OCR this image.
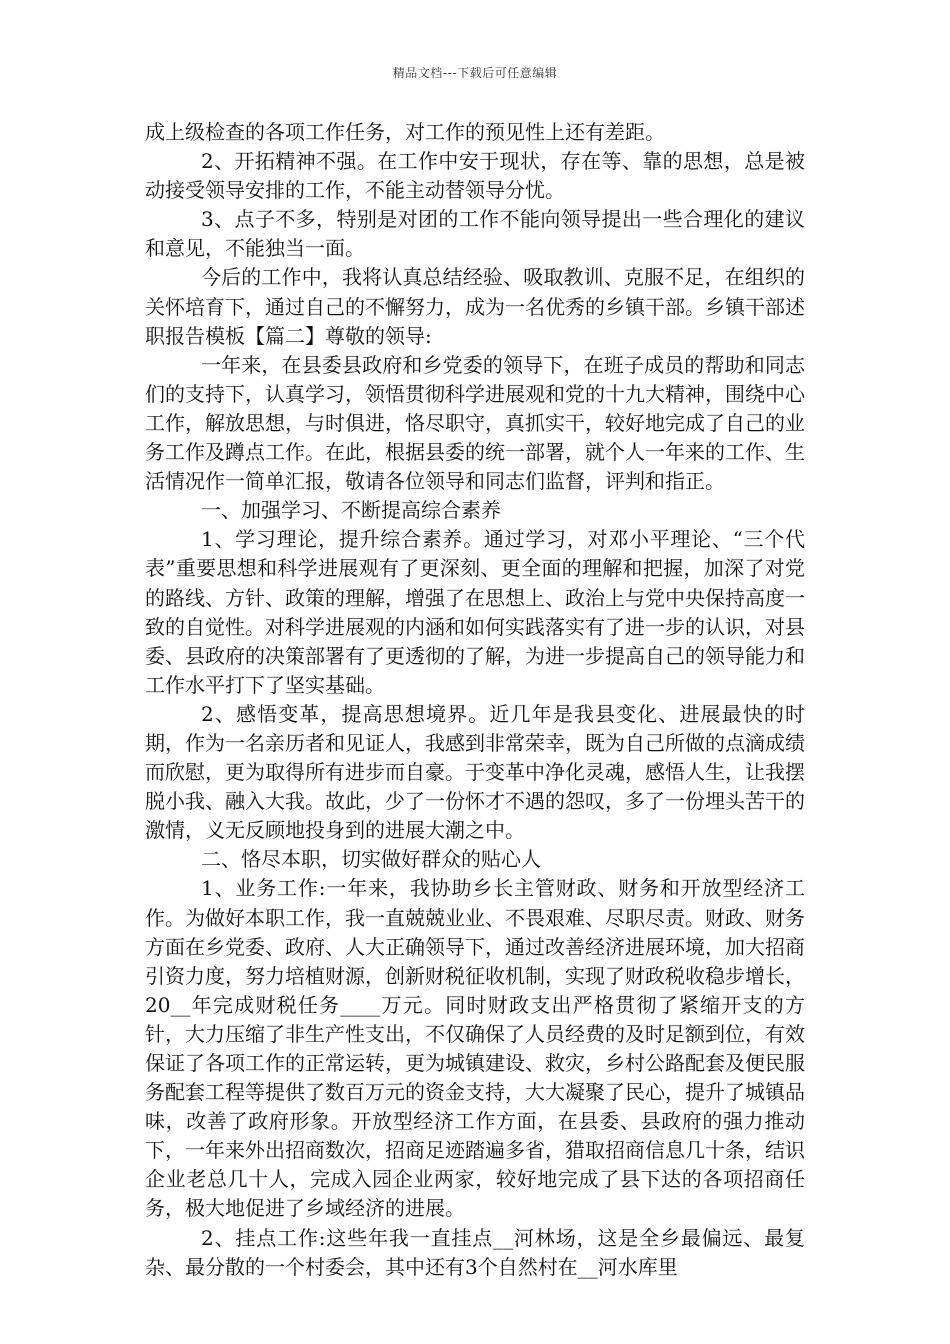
精品文档---下载后可任意编辑

成上级检查的各项工作任务，对工作的预见性上还有差距。

2、开拓精神不强。在工作中安于现状，存在等、靠的思想，总是被动接受领导安排的工作，不能主动替领导分忧。

3、点子不多，特别是对团的工作不能向领导提出一些合理化的建议和意见，不能独当一面。

今后的工作中，我将认真总结经验、吸取教训、克服不足，在组织的关怀培育下，通过自己的不懈努力，成为一名优秀的乡镇干部。乡镇干部述职报告模板【篇二】尊敬的领导:

一年来，在县委县政府和乡党委的领导下，在班子成员的帮助和同志们的支持下，认真学习，领悟贯彻科学进展观和党的十九大精神，围绕中心工作，解放思想，与时俱进，恪尽职守，真抓实干，较好地完成了自己的业务工作及蹲点工作。在此，根据县委的统一部署，就个人一年来的工作、生活情况作一简单汇报，敬请各位领导和同志们监督，评判和指正。

一、加强学习、不断提高综合素养

1、学习理论，提升综合素养。通过学习，对邓小平理论、“三个代表”重要思想和科学进展观有了更深刻、更全面的理解和把握，加深了对党的路线、方针、政策的理解，增强了在思想上、政治上与党中央保持高度一致的自觉性。对科学进展观的内涵和如何实践落实有了进一步的认识，对县委、县政府的决策部署有了更透彻的了解，为进一步提高自己的领导能力和工作水平打下了坚实基础。

2、感悟变革，提高思想境界。近几年是我县变化、进展最快的时期，作为一名亲历者和见证人，我感到非常荣幸，既为自己所做的点滴成绩而欣慰，更为取得所有进步而自豪。于变革中净化灵魂，感悟人生，让我摆脱小我、融入大我。故此，少了一份怀才不遇的怨叹，多了一份埋头苦干的激情，义无反顾地投身到的进展大潮之中。

二、恪尽本职，切实做好群众的贴心人

1、业务工作:一年来，我协助乡长主管财政、财务和开放型经济工作。为做好本职工作，我一直兢兢业业、不畏艰难、尽职尽责。财政、财务方面在乡党委、政府、人大正确领导下，通过改善经济进展环境，加大招商引资力度，努力培植财源，创新财税征收机制，实现了财政税收稳步增长，20__年完成财税任务____万元。同时财政支出严格贯彻了紧缩开支的方针，大力压缩了非生产性支出，不仅确保了人员经费的及时足额到位，有效保证了各项工作的正常运转，更为城镇建设、救灾，乡村公路配套及便民服务配套工程等提供了数百万元的资金支持，大大凝聚了民心，提升了城镇品味，改善了政府形象。开放型经济工作方面，在县委、县政府的强力推动下，一年来外出招商数次，招商足迹踏遍多省，猎取招商信息几十条，结识企业老总几十人，完成入园企业两家，较好地完成了县下达的各项招商任务，极大地促进了乡域经济的进展。

2、挂点工作:这些年我一直挂点__河林场，这是全乡最偏远、最复杂、最分散的一个村委会，其中还有3个自然村在__河水库里
